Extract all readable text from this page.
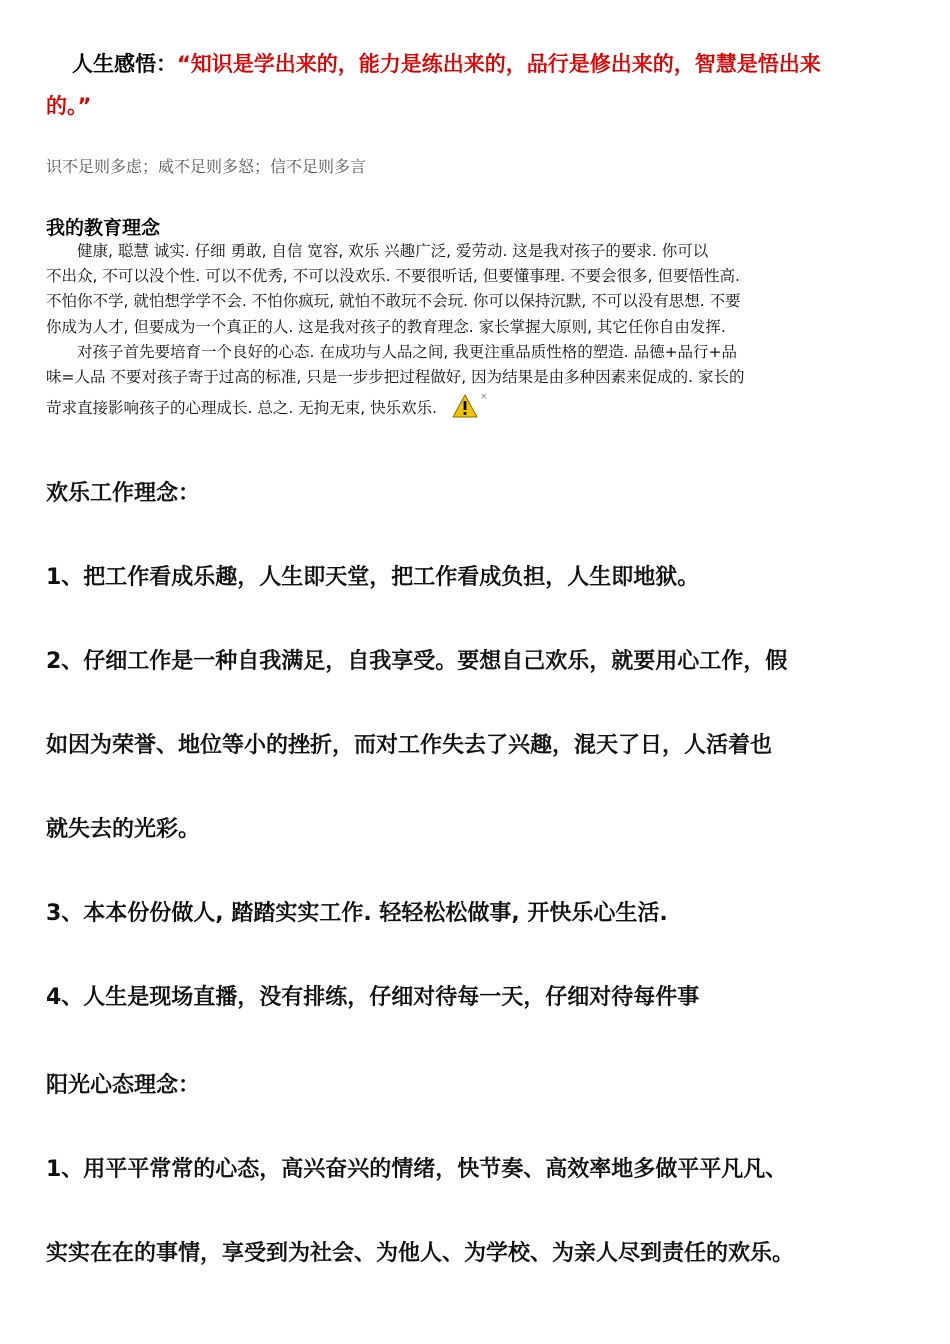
人生感悟：“知识是学出来的，能力是练出来的，品行是修出来的，智慧是悟出来
的。”
识不足则多虑；威不足则多怒；信不足则多言
我的教育理念
　　健康, 聪慧 诚实. 仔细 勇敢, 自信 宽容, 欢乐 兴趣广泛, 爱劳动. 这是我对孩子的要求. 你可以
不出众, 不可以没个性. 可以不优秀, 不可以没欢乐. 不要很听话, 但要懂事理. 不要会很多, 但要悟性高.
不怕你不学, 就怕想学学不会. 不怕你疯玩, 就怕不敢玩不会玩. 你可以保持沉默, 不可以没有思想. 不要
你成为人才, 但要成为一个真正的人. 这是我对孩子的教育理念. 家长掌握大原则, 其它任你自由发挥.
　　对孩子首先要培育一个良好的心态. 在成功与人品之间, 我更注重品质性格的塑造. 品德+品行+品
味=人品 不要对孩子寄于过高的标准, 只是一步步把过程做好, 因为结果是由多种因素来促成的. 家长的
苛求直接影响孩子的心理成长. 总之. 无拘无束, 快乐欢乐.
×
欢乐工作理念：
1、把工作看成乐趣，人生即天堂，把工作看成负担，人生即地狱。
2、仔细工作是一种自我满足，自我享受。要想自己欢乐，就要用心工作，假
如因为荣誉、地位等小的挫折，而对工作失去了兴趣，混天了日，人活着也
就失去的光彩。
3、本本份份做人, 踏踏实实工作. 轻轻松松做事, 开快乐心生活.
4、人生是现场直播，没有排练，仔细对待每一天，仔细对待每件事
阳光心态理念：
1、用平平常常的心态，高兴奋兴的情绪，快节奏、高效率地多做平平凡凡、
实实在在的事情，享受到为社会、为他人、为学校、为亲人尽到责任的欢乐。
